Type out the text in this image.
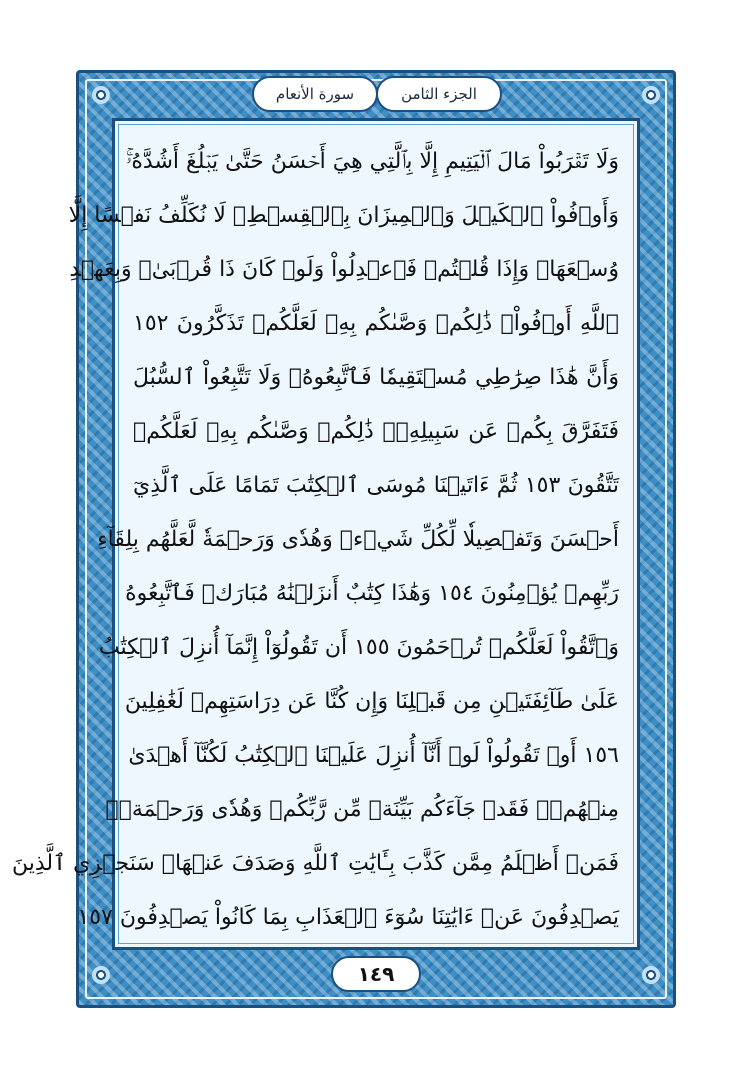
سورة الأنعام	الجزء الثامن
وَلَا تَقۡرَبُواْ مَالَ ٱلۡيَتِيمِ إِلَّا بِٱلَّتِي هِيَ أَحۡسَنُ حَتَّىٰ يَبۡلُغَ أَشُدَّهُۥۚ
وَأَوۡفُواْ ٱلۡكَيۡلَ وَٱلۡمِيزَانَ بِٱلۡقِسۡطِۖ لَا نُكَلِّفُ نَفۡسًا إِلَّا
وُسۡعَهَاۖ وَإِذَا قُلۡتُمۡ فَٱعۡدِلُواْ وَلَوۡ كَانَ ذَا قُرۡبَىٰۖ وَبِعَهۡدِ
ٱللَّهِ أَوۡفُواْۚ ذَٰلِكُمۡ وَصَّىٰكُم بِهِۦ لَعَلَّكُمۡ تَذَكَّرُونَ ١٥٢
وَأَنَّ هَٰذَا صِرَٰطِي مُسۡتَقِيمٗا فَٱتَّبِعُوهُۖ وَلَا تَتَّبِعُواْ ٱلسُّبُلَ
فَتَفَرَّقَ بِكُمۡ عَن سَبِيلِهِۦۚ ذَٰلِكُمۡ وَصَّىٰكُم بِهِۦ لَعَلَّكُمۡ
تَتَّقُونَ ١٥٣ ثُمَّ ءَاتَيۡنَا مُوسَى ٱلۡكِتَٰبَ تَمَامًا عَلَى ٱلَّذِيٓ
أَحۡسَنَ وَتَفۡصِيلٗا لِّكُلِّ شَيۡءٖ وَهُدٗى وَرَحۡمَةٗ لَّعَلَّهُم بِلِقَآءِ
رَبِّهِمۡ يُؤۡمِنُونَ ١٥٤ وَهَٰذَا كِتَٰبٌ أَنزَلۡنَٰهُ مُبَارَكٞ فَٱتَّبِعُوهُ
وَٱتَّقُواْ لَعَلَّكُمۡ تُرۡحَمُونَ ١٥٥ أَن تَقُولُوٓاْ إِنَّمَآ أُنزِلَ ٱلۡكِتَٰبُ
عَلَىٰ طَآئِفَتَيۡنِ مِن قَبۡلِنَا وَإِن كُنَّا عَن دِرَاسَتِهِمۡ لَغَٰفِلِينَ
١٥٦ أَوۡ تَقُولُواْ لَوۡ أَنَّآ أُنزِلَ عَلَيۡنَا ٱلۡكِتَٰبُ لَكُنَّآ أَهۡدَىٰ
مِنۡهُمۡۚ فَقَدۡ جَآءَكُم بَيِّنَةٞ مِّن رَّبِّكُمۡ وَهُدٗى وَرَحۡمَةٞۚ
فَمَنۡ أَظۡلَمُ مِمَّن كَذَّبَ بِـَٔايَٰتِ ٱللَّهِ وَصَدَفَ عَنۡهَاۗ سَنَجۡزِي ٱلَّذِينَ
يَصۡدِفُونَ عَنۡ ءَايَٰتِنَا سُوٓءَ ٱلۡعَذَابِ بِمَا كَانُواْ يَصۡدِفُونَ ١٥٧
١٤٩
